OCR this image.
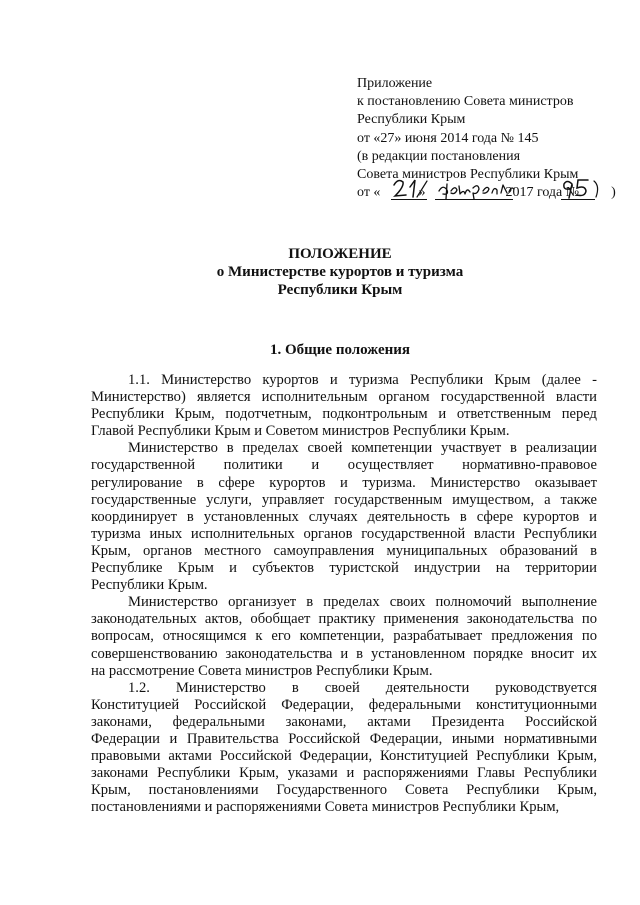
Приложение
к постановлению Совета министров
Республики Крым
от «27» июня 2014 года № 145
(в редакции постановления
Совета министров Республики Крым
от «	»	2017 года № )
ПОЛОЖЕНИЕ
о Министерстве курортов и туризма
Республики Крым
1. Общие положения
1.1. Министерство курортов и туризма Республики Крым (далее -
Министерство) является исполнительным органом государственной власти
Республики Крым, подотчетным, подконтрольным и ответственным перед
Главой Республики Крым и Советом министров Республики Крым.
Министерство в пределах своей компетенции участвует в реализации
государственной политики и осуществляет нормативно-правовое
регулирование в сфере курортов и туризма. Министерство оказывает
государственные услуги, управляет государственным имуществом, а также
координирует в установленных случаях деятельность в сфере курортов и
туризма иных исполнительных органов государственной власти Республики
Крым, органов местного самоуправления муниципальных образований в
Республике Крым и субъектов туристской индустрии на территории
Республики Крым.
Министерство организует в пределах своих полномочий выполнение
законодательных актов, обобщает практику применения законодательства по
вопросам, относящимся к его компетенции, разрабатывает предложения по
совершенствованию законодательства и в установленном порядке вносит их
на рассмотрение Совета министров Республики Крым.
1.2. Министерство в своей деятельности руководствуется
Конституцией Российской Федерации, федеральными конституционными
законами, федеральными законами, актами Президента Российской
Федерации и Правительства Российской Федерации, иными нормативными
правовыми актами Российской Федерации, Конституцией Республики Крым,
законами Республики Крым, указами и распоряжениями Главы Республики
Крым, постановлениями Государственного Совета Республики Крым,
постановлениями и распоряжениями Совета министров Республики Крым,
